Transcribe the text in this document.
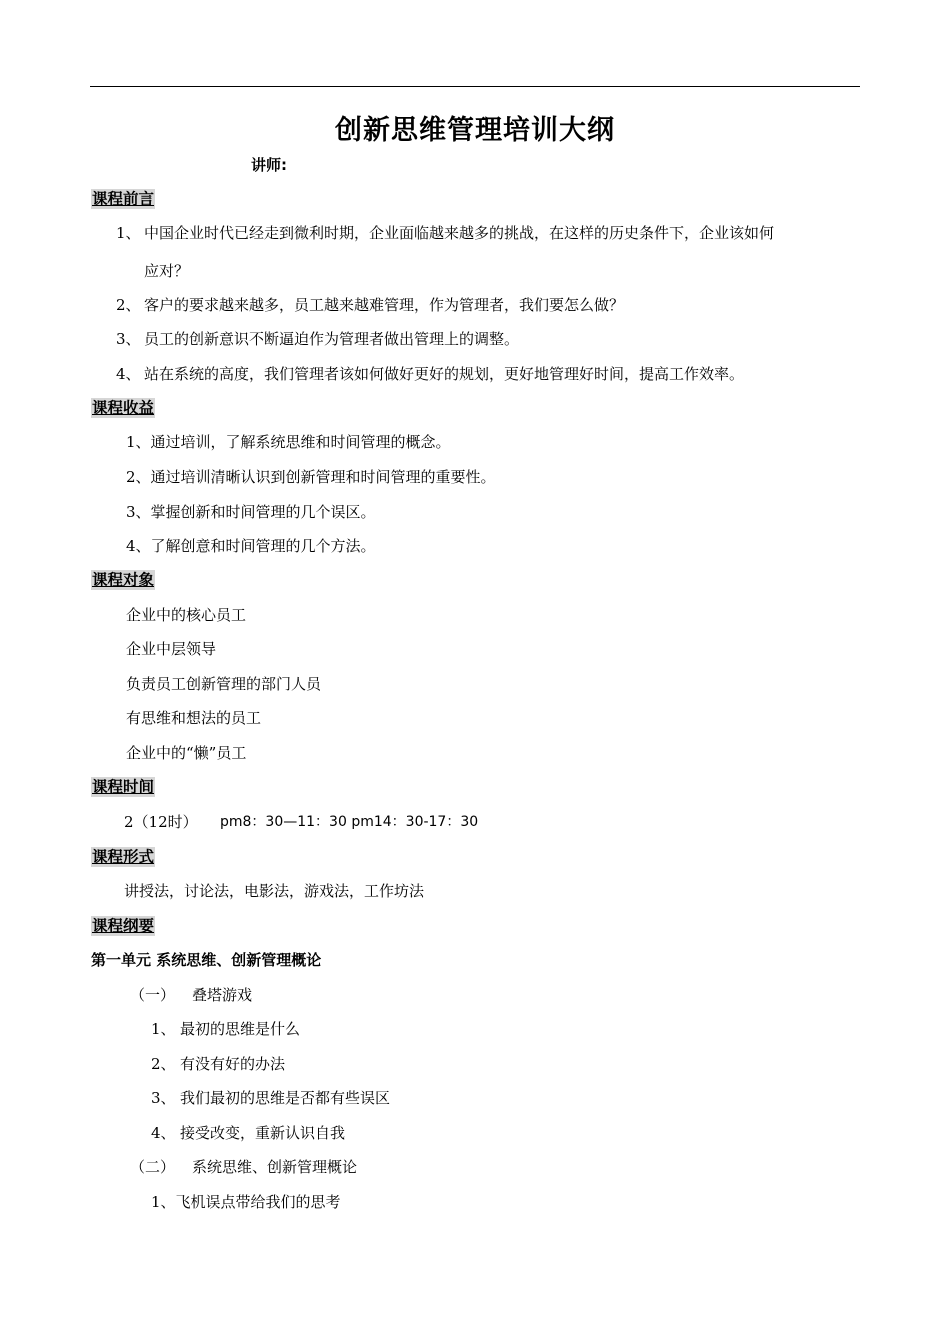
创新思维管理培训大纲
讲师:
课程前言
1、 中国企业时代已经走到微利时期，企业面临越来越多的挑战，在这样的历史条件下，企业该如何
应对？
2、 客户的要求越来越多，员工越来越难管理，作为管理者，我们要怎么做？
3、 员工的创新意识不断逼迫作为管理者做出管理上的调整。
4、 站在系统的高度，我们管理者该如何做好更好的规划，更好地管理好时间，提高工作效率。
课程收益
1、通过培训，了解系统思维和时间管理的概念。
2、通过培训清晰认识到创新管理和时间管理的重要性。
3、掌握创新和时间管理的几个误区。
4、了解创意和时间管理的几个方法。
课程对象
企业中的核心员工
企业中层领导
负责员工创新管理的部门人员
有思维和想法的员工
企业中的“懒”员工
课程时间
2（12时） pm8：30—11：30 pm14：30-17：30
课程形式
讲授法，讨论法，电影法，游戏法，工作坊法
课程纲要
第一单元 系统思维、创新管理概论
（一） 叠塔游戏
1、 最初的思维是什么
2、 有没有好的办法
3、 我们最初的思维是否都有些误区
4、 接受改变，重新认识自我
（二） 系统思维、创新管理概论
1、飞机误点带给我们的思考
